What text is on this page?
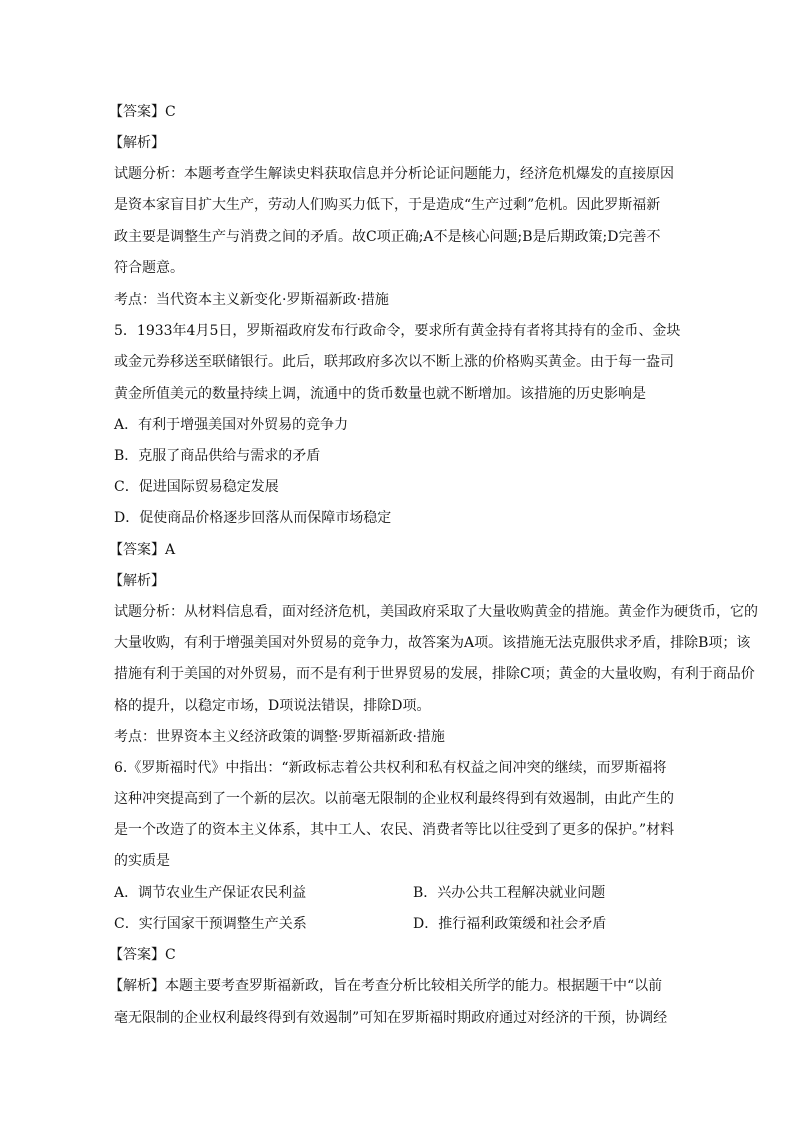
【答案】C
【解析】
试题分析：本题考查学生解读史料获取信息并分析论证问题能力，经济危机爆发的直接原因
是资本家盲目扩大生产，劳动人们购买力低下，于是造成“生产过剩”危机。因此罗斯福新
政主要是调整生产与消费之间的矛盾。故C项正确;A不是核心问题;B是后期政策;D完善不
符合题意。
考点：当代资本主义新变化·罗斯福新政·措施
5．1933年4月5日，罗斯福政府发布行政命令，要求所有黄金持有者将其持有的金币、金块
或金元券移送至联储银行。此后，联邦政府多次以不断上涨的价格购买黄金。由于每一盎司
黄金所值美元的数量持续上调，流通中的货币数量也就不断增加。该措施的历史影响是
A．有利于增强美国对外贸易的竞争力
B．克服了商品供给与需求的矛盾
C．促进国际贸易稳定发展
D．促使商品价格逐步回落从而保障市场稳定
【答案】A
【解析】
试题分析：从材料信息看，面对经济危机，美国政府采取了大量收购黄金的措施。黄金作为硬货币，它的
大量收购，有利于增强美国对外贸易的竞争力，故答案为A项。该措施无法克服供求矛盾，排除B项；该
措施有利于美国的对外贸易，而不是有利于世界贸易的发展，排除C项；黄金的大量收购，有利于商品价
格的提升，以稳定市场，D项说法错误，排除D项。
考点：世界资本主义经济政策的调整·罗斯福新政·措施
6.《罗斯福时代》中指出：“新政标志着公共权利和私有权益之间冲突的继续，而罗斯福将
这种冲突提高到了一个新的层次。以前毫无限制的企业权利最终得到有效遏制，由此产生的
是一个改造了的资本主义体系，其中工人、农民、消费者等比以往受到了更多的保护。”材料
的实质是
A．调节农业生产保证农民利益	B．兴办公共工程解决就业问题
C．实行国家干预调整生产关系	D．推行福利政策缓和社会矛盾
【答案】C
【解析】本题主要考查罗斯福新政，旨在考查分析比较相关所学的能力。根据题干中“以前
毫无限制的企业权利最终得到有效遏制”可知在罗斯福时期政府通过对经济的干预，协调经
